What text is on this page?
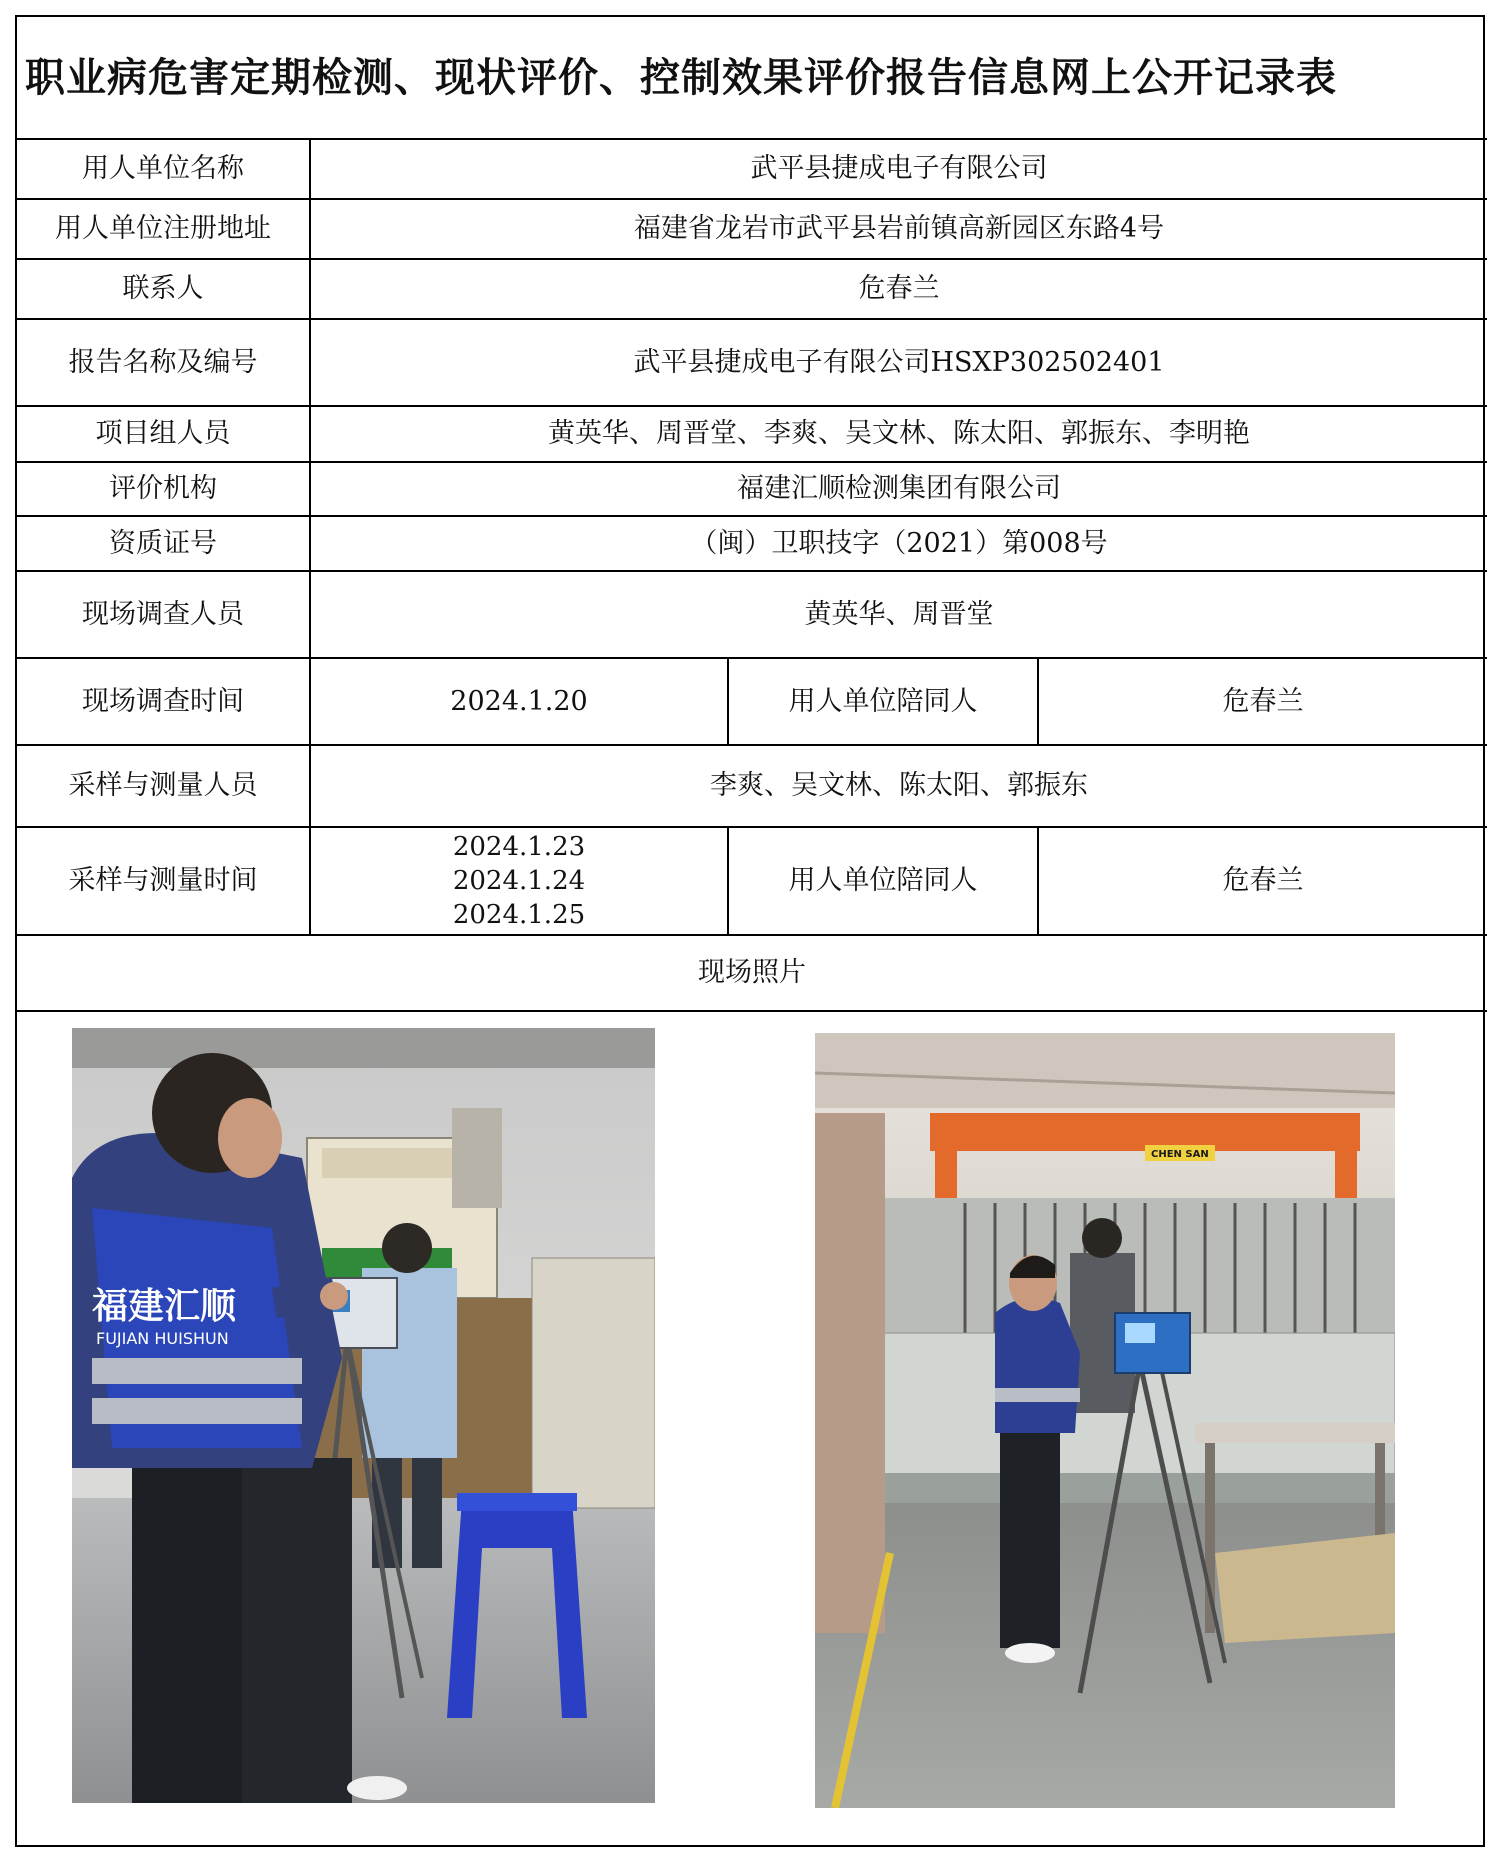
职业病危害定期检测、现状评价、控制效果评价报告信息网上公开记录表			
用人单位名称	武平县捷成电子有限公司		
用人单位注册地址	福建省龙岩市武平县岩前镇高新园区东路4号		
联系人	危春兰		
报告名称及编号	武平县捷成电子有限公司HSXP302502401		
项目组人员	黄英华、周晋堂、李爽、吴文林、陈太阳、郭振东、李明艳		
评价机构	福建汇顺检测集团有限公司		
资质证号	（闽）卫职技字（2021）第008号		
现场调查人员	黄英华、周晋堂		
现场调查时间	2024.1.20	用人单位陪同人	危春兰
采样与测量人员	李爽、吴文林、陈太阳、郭振东		
采样与测量时间	2024.1.23
2024.1.24
2024.1.25	用人单位陪同人	危春兰
现场照片			

福建汇顺
FUJIAN HUISHUN
CHEN SAN			
